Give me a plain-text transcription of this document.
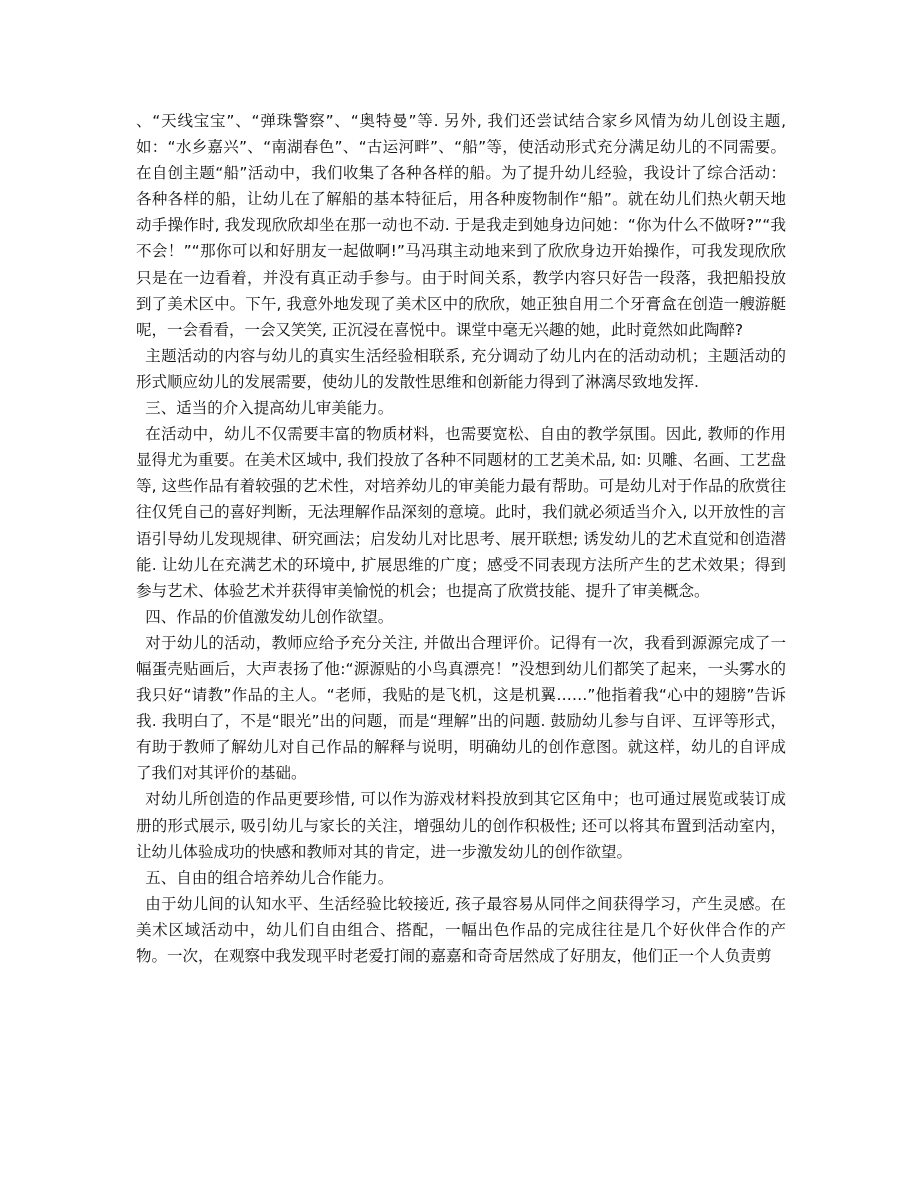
、“天线宝宝”、“弹珠警察”、“奥特曼”等. 另外, 我们还尝试结合家乡风情为幼儿创设主题, 如：“水乡嘉兴”、“南湖春色”、“古运河畔”、“船”等，使活动形式充分满足幼儿的不同需要。在自创主题“船”活动中，我们收集了各种各样的船。为了提升幼儿经验，我设计了综合活动：各种各样的船，让幼儿在了解船的基本特征后，用各种废物制作“船”。就在幼儿们热火朝天地动手操作时, 我发现欣欣却坐在那一动也不动. 于是我走到她身边问她：“你为什么不做呀?”“我不会！”“那你可以和好朋友一起做啊!”马冯琪主动地来到了欣欣身边开始操作，可我发现欣欣只是在一边看着，并没有真正动手参与。由于时间关系，教学内容只好告一段落，我把船投放到了美术区中。下午, 我意外地发现了美术区中的欣欣，她正独自用二个牙膏盒在创造一艘游艇呢，一会看看，一会又笑笑, 正沉浸在喜悦中。课堂中毫无兴趣的她，此时竟然如此陶醉?

主题活动的内容与幼儿的真实生活经验相联系, 充分调动了幼儿内在的活动动机；主题活动的形式顺应幼儿的发展需要，使幼儿的发散性思维和创新能力得到了淋漓尽致地发挥.

三、适当的介入提高幼儿审美能力。

在活动中，幼儿不仅需要丰富的物质材料，也需要宽松、自由的教学氛围。因此, 教师的作用显得尤为重要。在美术区域中, 我们投放了各种不同题材的工艺美术品, 如: 贝雕、名画、工艺盘等, 这些作品有着较强的艺术性，对培养幼儿的审美能力最有帮助。可是幼儿对于作品的欣赏往往仅凭自己的喜好判断，无法理解作品深刻的意境。此时，我们就必须适当介入, 以开放性的言语引导幼儿发现规律、研究画法；启发幼儿对比思考、展开联想; 诱发幼儿的艺术直觉和创造潜能. 让幼儿在充满艺术的环境中, 扩展思维的广度；感受不同表现方法所产生的艺术效果；得到参与艺术、体验艺术并获得审美愉悦的机会；也提高了欣赏技能、提升了审美概念。

四、作品的价值激发幼儿创作欲望。

对于幼儿的活动，教师应给予充分关注, 并做出合理评价。记得有一次，我看到源源完成了一幅蛋壳贴画后，大声表扬了他:“源源贴的小鸟真漂亮！”没想到幼儿们都笑了起来，一头雾水的我只好“请教”作品的主人。“老师，我贴的是飞机，这是机翼……”他指着我“心中的翅膀”告诉我. 我明白了，不是“眼光”出的问题，而是“理解”出的问题. 鼓励幼儿参与自评、互评等形式，有助于教师了解幼儿对自己作品的解释与说明，明确幼儿的创作意图。就这样，幼儿的自评成了我们对其评价的基础。

对幼儿所创造的作品更要珍惜, 可以作为游戏材料投放到其它区角中；也可通过展览或装订成册的形式展示, 吸引幼儿与家长的关注，增强幼儿的创作积极性; 还可以将其布置到活动室内，让幼儿体验成功的快感和教师对其的肯定，进一步激发幼儿的创作欲望。

五、自由的组合培养幼儿合作能力。

由于幼儿间的认知水平、生活经验比较接近, 孩子最容易从同伴之间获得学习，产生灵感。在美术区域活动中，幼儿们自由组合、搭配，一幅出色作品的完成往往是几个好伙伴合作的产物。一次，在观察中我发现平时老爱打闹的嘉嘉和奇奇居然成了好朋友，他们正一个人负责剪
